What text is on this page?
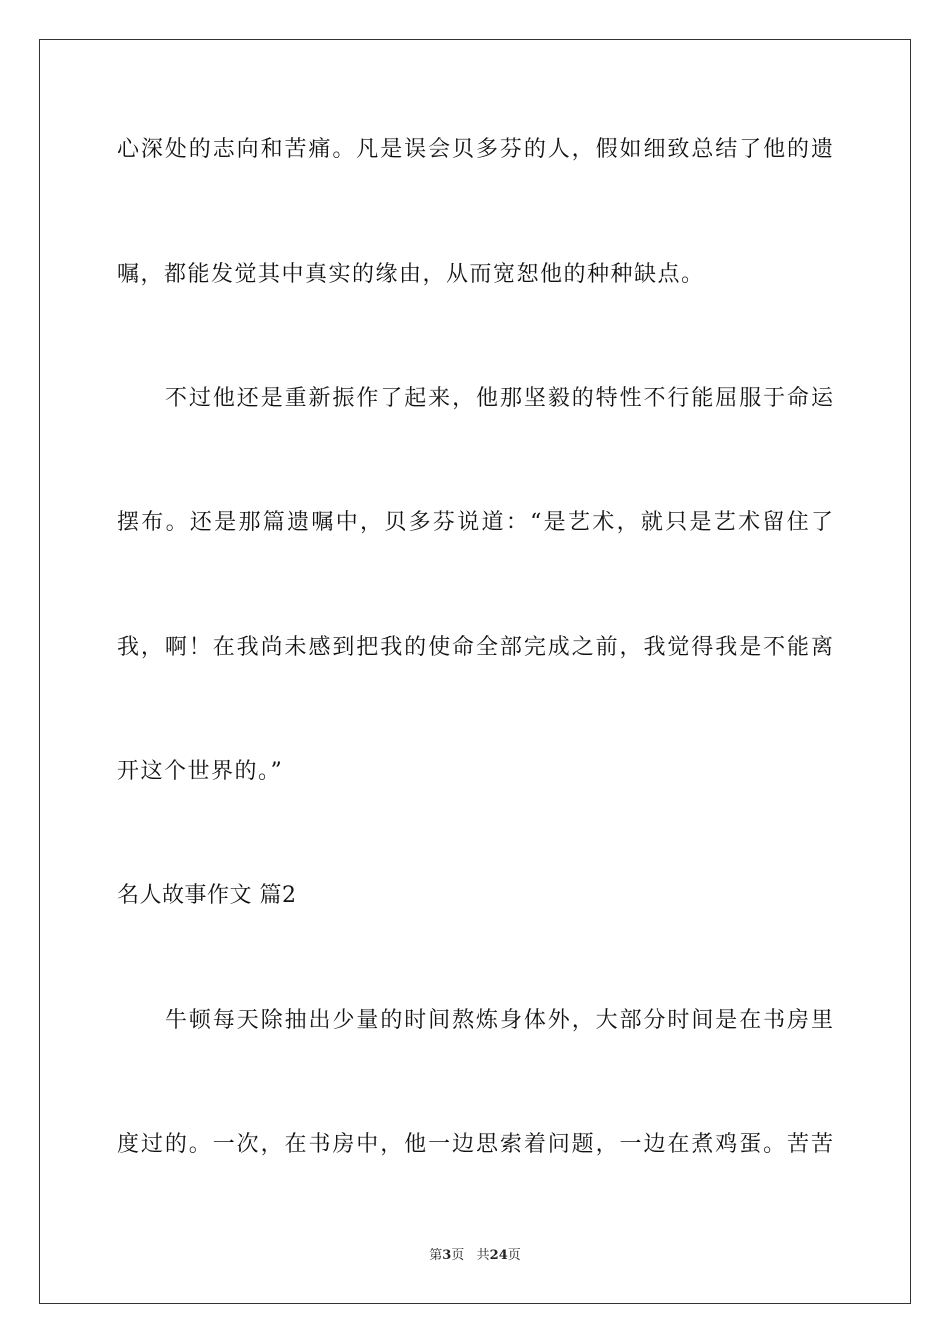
心深处的志向和苦痛。凡是误会贝多芬的人，假如细致总结了他的遗
嘱，都能发觉其中真实的缘由，从而宽恕他的种种缺点。
不过他还是重新振作了起来，他那坚毅的特性不行能屈服于命运
摆布。还是那篇遗嘱中，贝多芬说道：“是艺术，就只是艺术留住了
我，啊！在我尚未感到把我的使命全部完成之前，我觉得我是不能离
开这个世界的。”
名人故事作文 篇2
牛顿每天除抽出少量的时间熬炼身体外，大部分时间是在书房里
度过的。一次，在书房中，他一边思索着问题，一边在煮鸡蛋。苦苦
第3页   共24页
